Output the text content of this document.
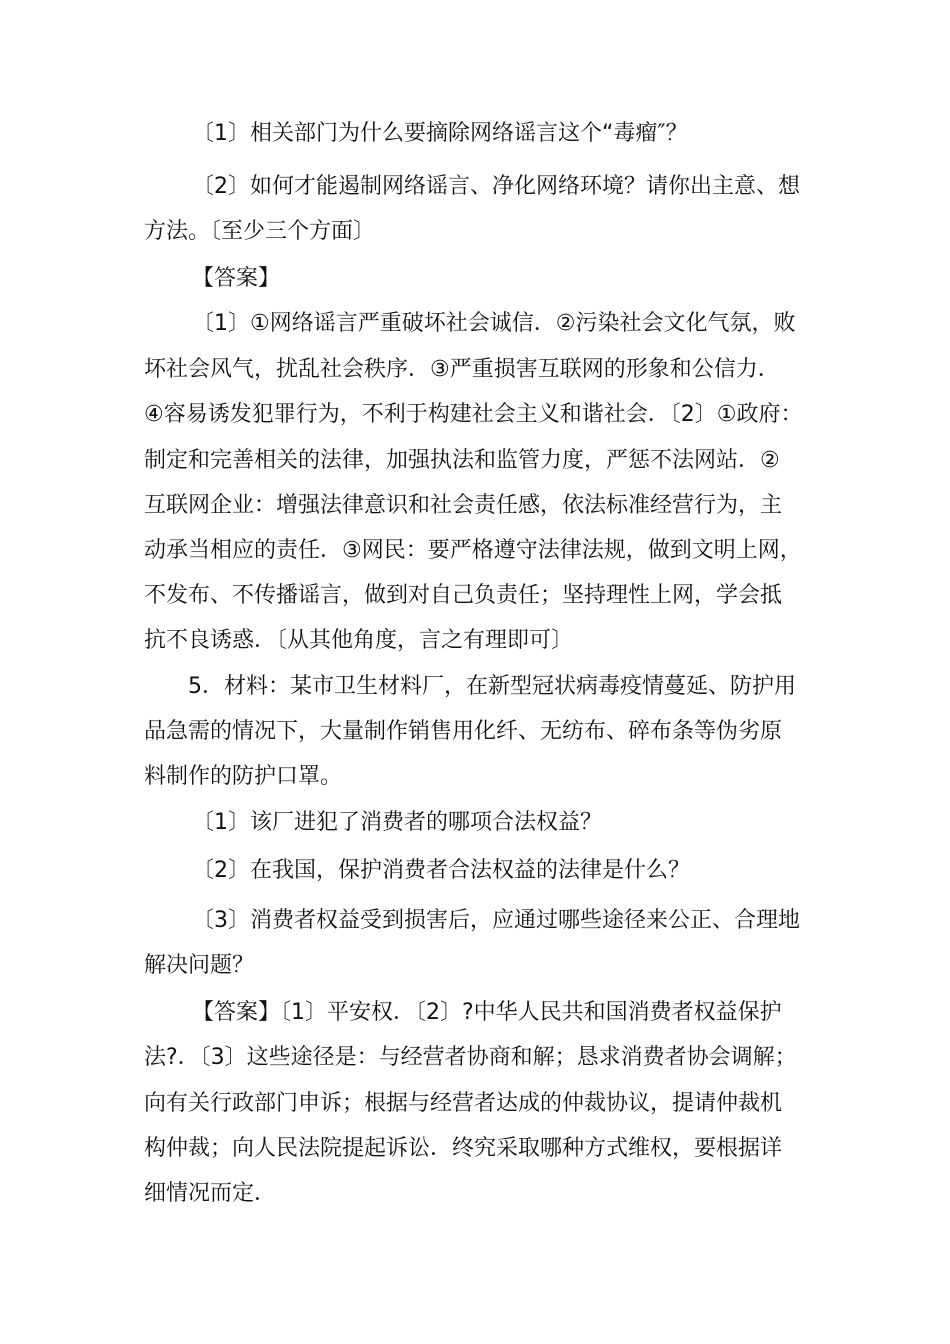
〔1〕相关部门为什么要摘除网络谣言这个“毒瘤″？
〔2〕如何才能遏制网络谣言、净化网络环境？请你出主意、想
方法。〔至少三个方面〕
【答案】
〔1〕①网络谣言严重破坏社会诚信．②污染社会文化气氛，败
坏社会风气，扰乱社会秩序．③严重损害互联网的形象和公信力．
④容易诱发犯罪行为，不利于构建社会主义和谐社会．〔2〕①政府：
制定和完善相关的法律，加强执法和监管力度，严惩不法网站．②
互联网企业：增强法律意识和社会责任感，依法标准经营行为，主
动承当相应的责任．③网民：要严格遵守法律法规，做到文明上网，
不发布、不传播谣言，做到对自己负责任；坚持理性上网，学会抵
抗不良诱惑．〔从其他角度，言之有理即可〕
5．材料：某市卫生材料厂，在新型冠状病毒疫情蔓延、防护用
品急需的情况下，大量制作销售用化纤、无纺布、碎布条等伪劣原
料制作的防护口罩。
〔1〕该厂进犯了消费者的哪项合法权益？
〔2〕在我国，保护消费者合法权益的法律是什么？
〔3〕消费者权益受到损害后，应通过哪些途径来公正、合理地
解决问题？
【答案】〔1〕平安权．〔2〕?中华人民共和国消费者权益保护
法?．〔3〕这些途径是：与经营者协商和解；恳求消费者协会调解；
向有关行政部门申诉；根据与经营者达成的仲裁协议，提请仲裁机
构仲裁；向人民法院提起诉讼．终究采取哪种方式维权，要根据详
细情况而定．
